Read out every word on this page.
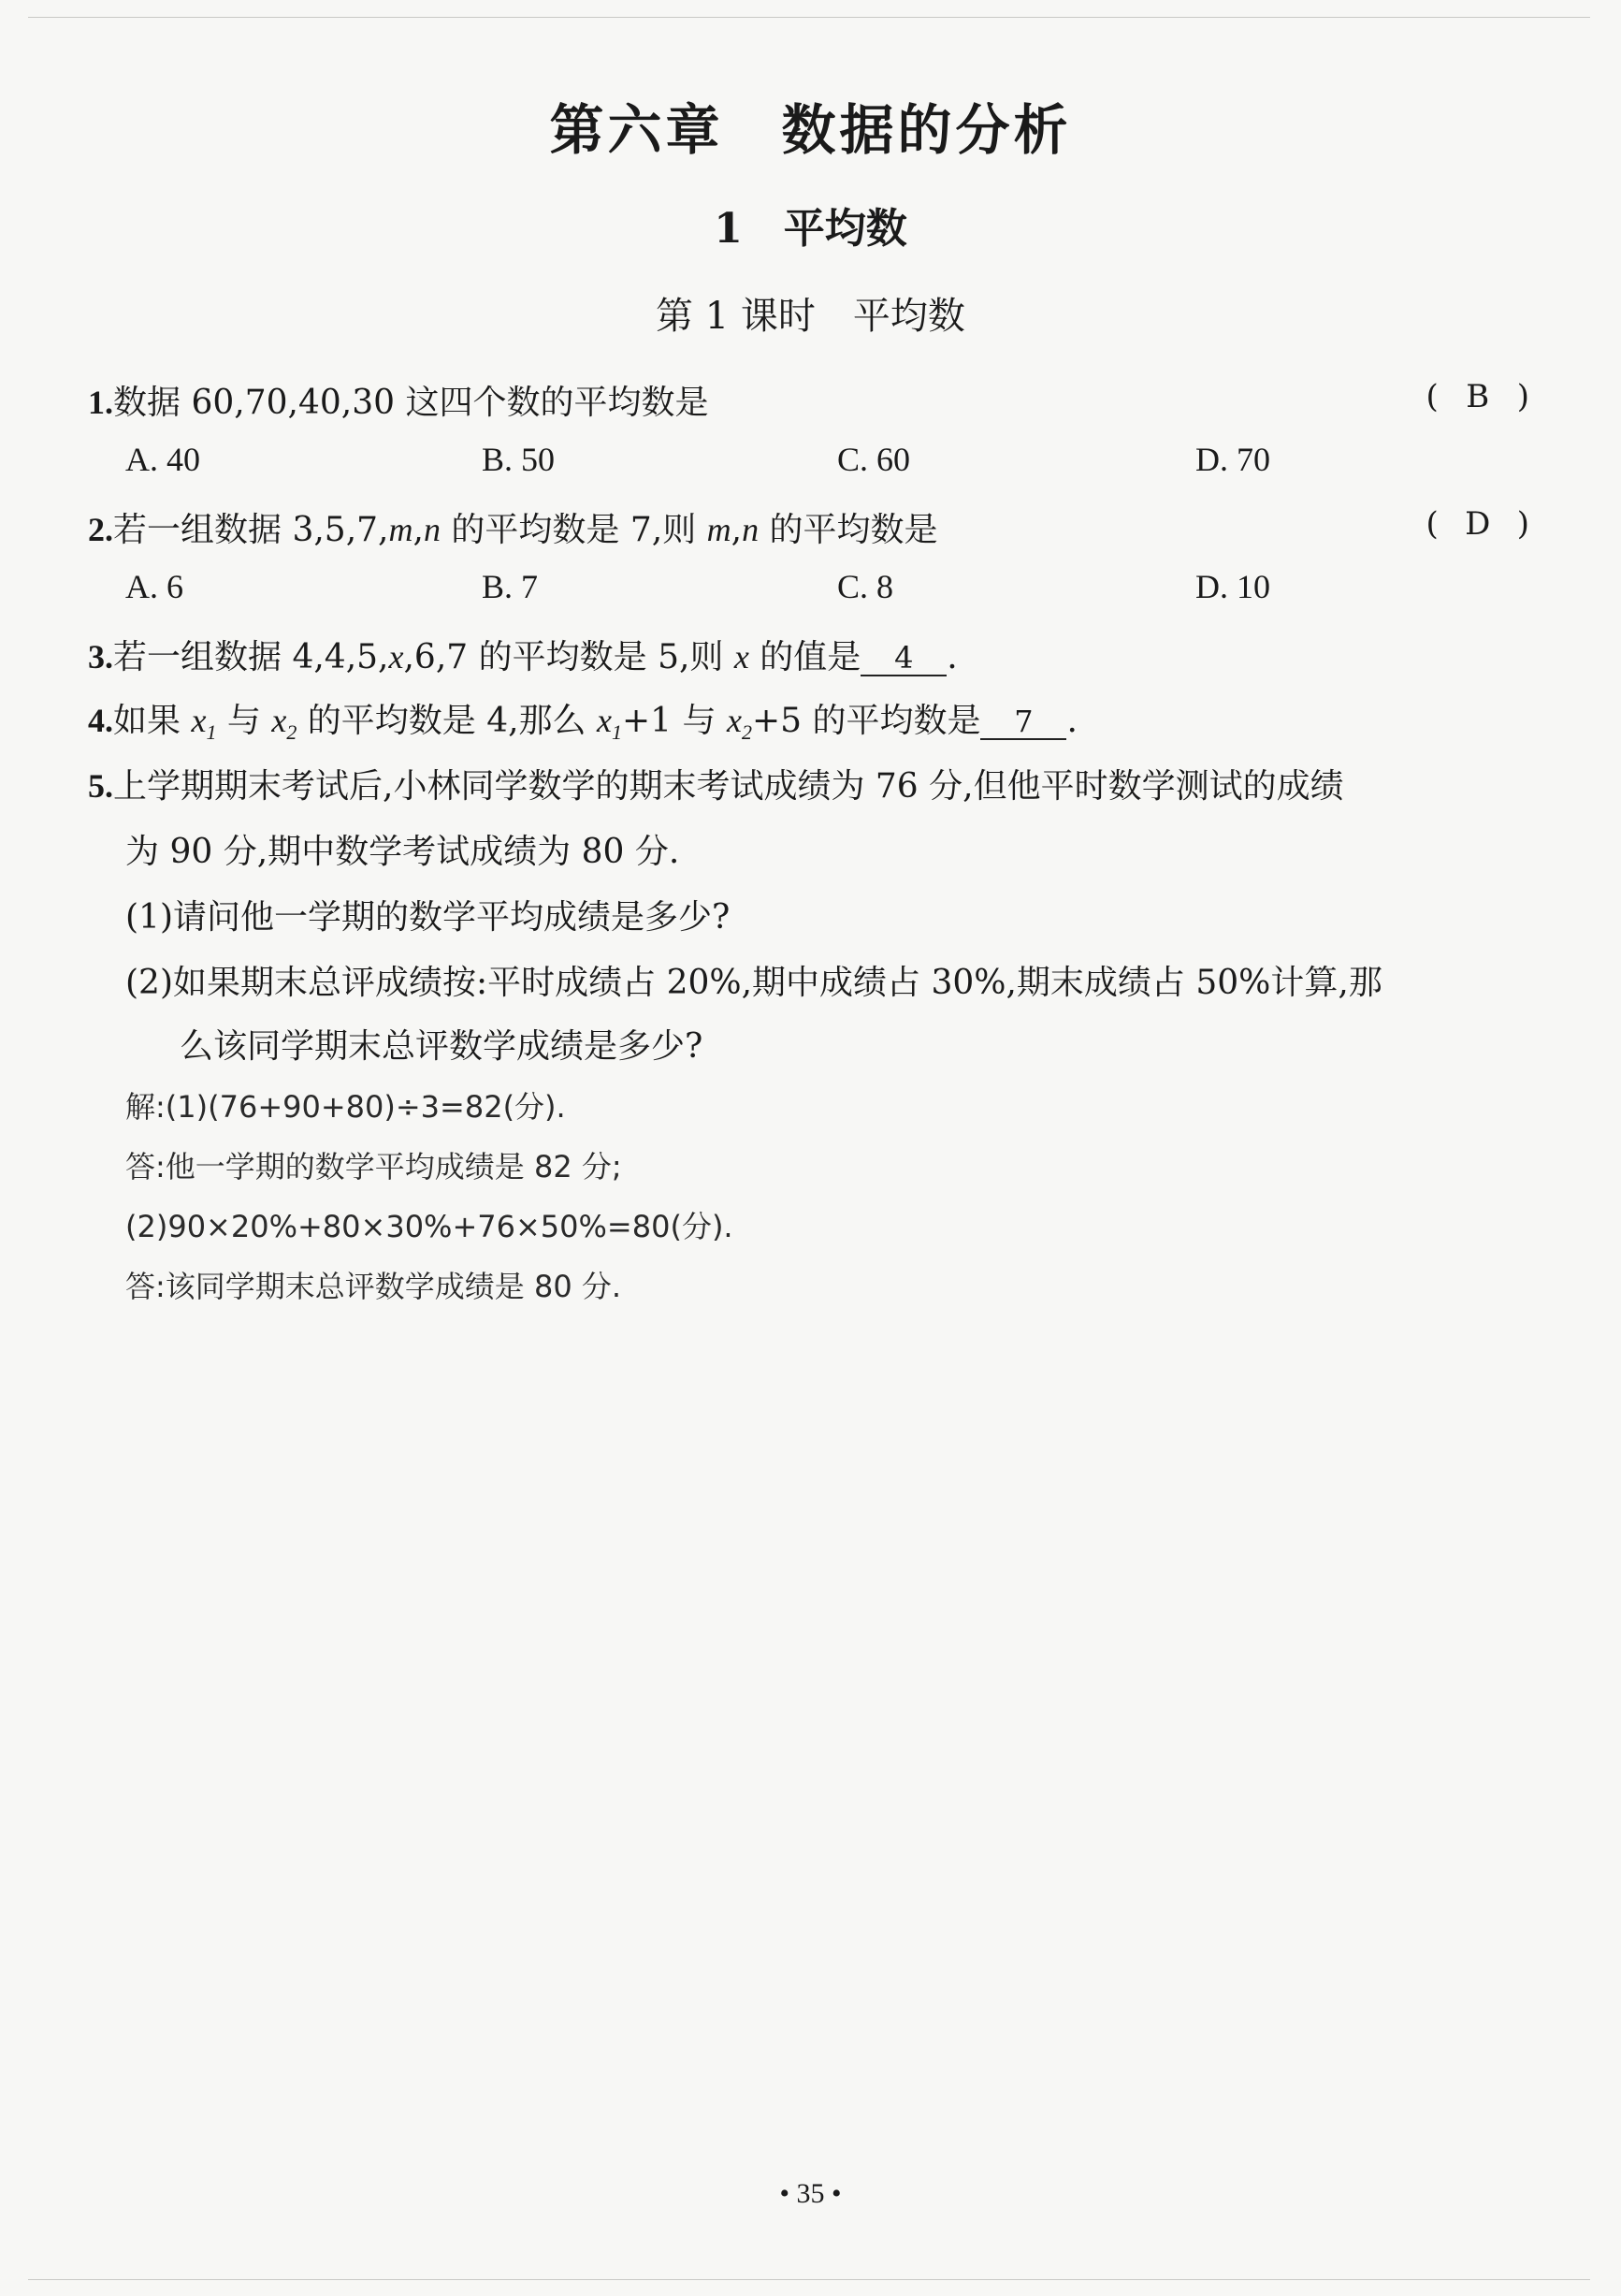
第六章　数据的分析
1　平均数
第 1 课时　平均数
1.数据 60,70,40,30 这四个数的平均数是	( B )
A. 40	B. 50	C. 60	D. 70
2.若一组数据 3,5,7,m,n 的平均数是 7,则 m,n 的平均数是	( D )
A. 6	B. 7	C. 8	D. 10
3.若一组数据 4,4,5,x,6,7 的平均数是 5,则 x 的值是 4 .
4.如果 $x_1$ 与 $x_2$ 的平均数是 4,那么 $x_1+1$ 与 $x_2+5$ 的平均数是 7 .
5.上学期期末考试后,小林同学数学的期末考试成绩为 76 分,但他平时数学测试的成绩
为 90 分,期中数学考试成绩为 80 分.
(1)请问他一学期的数学平均成绩是多少?
(2)如果期末总评成绩按:平时成绩占 20%,期中成绩占 30%,期末成绩占 50%计算,那
么该同学期末总评数学成绩是多少?
解:(1)(76+90+80)÷3=82(分).
答:他一学期的数学平均成绩是 82 分;
(2)90×20%+80×30%+76×50%=80(分).
答:该同学期末总评数学成绩是 80 分.
• 35 •
